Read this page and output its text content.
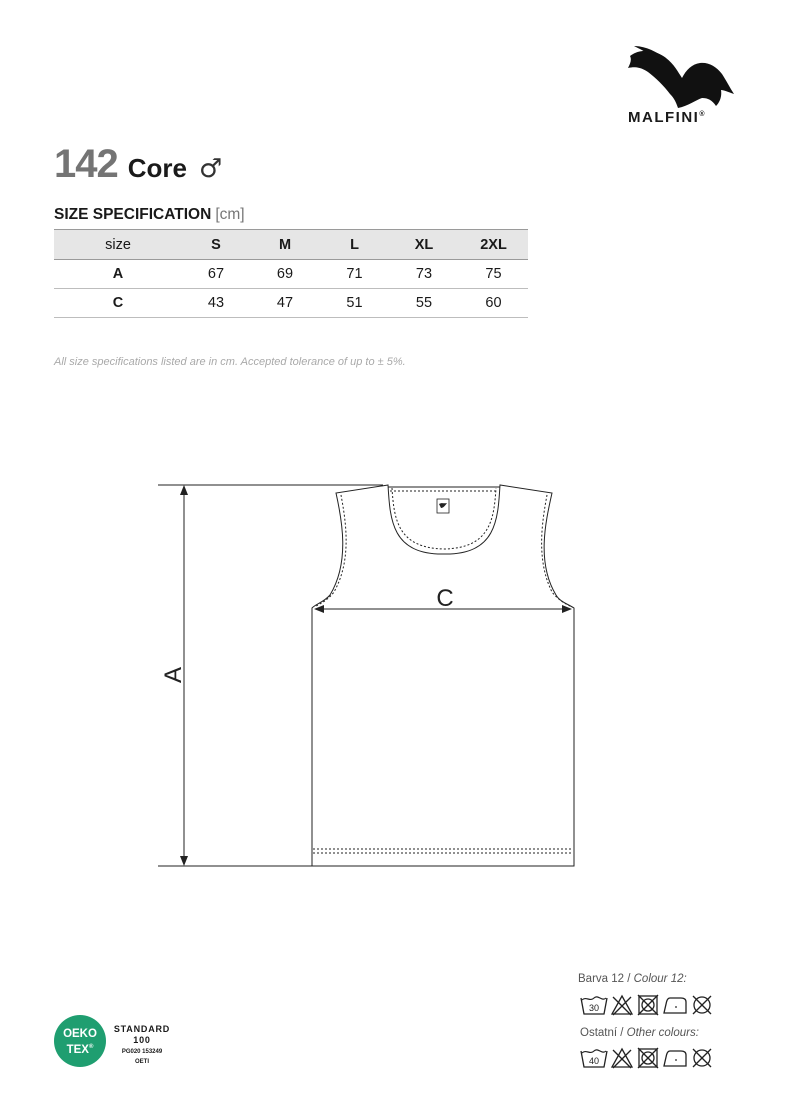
MALFINI®
142 Core ♂
SIZE SPECIFICATION [cm]
size	S	M	L	XL	2XL
A	67	69	71	73	75
C	43	47	51	55	60
All size specifications listed are in cm. Accepted tolerance of up to ± 5%.
C
A
OEKO
TEX®
STANDARD
100
PG020 153249
OETI
Barva 12 / Colour 12:
30
Ostatní / Other colours:
40
